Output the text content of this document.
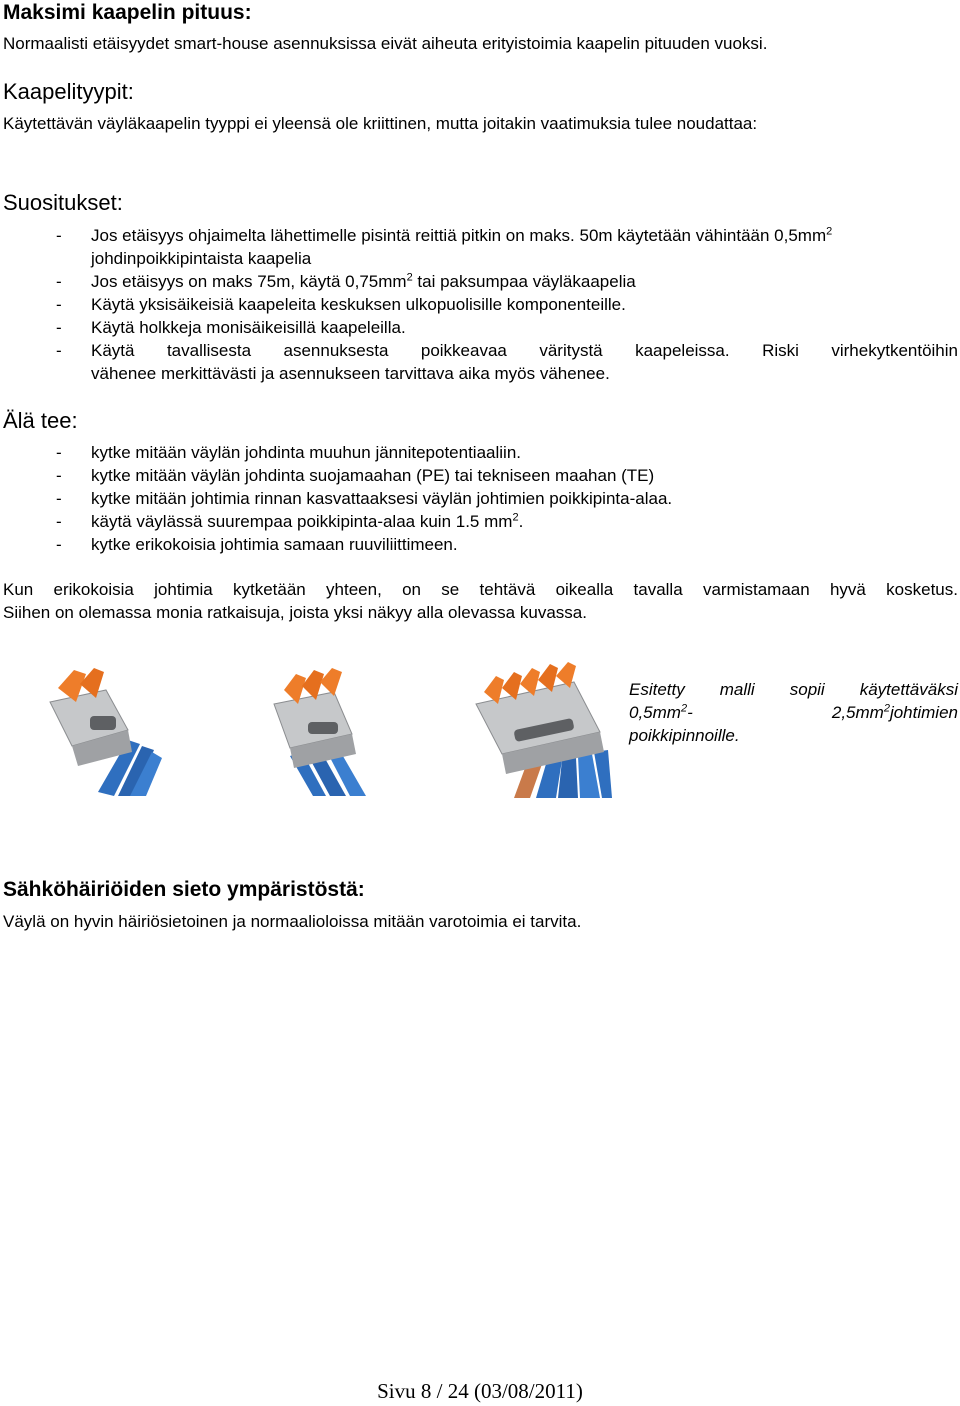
Maksimi kaapelin pituus:
Normaalisti etäisyydet smart-house asennuksissa eivät aiheuta erityistoimia kaapelin pituuden vuoksi.
Kaapelityypit:
Käytettävän väyläkaapelin tyyppi ei yleensä ole kriittinen, mutta joitakin vaatimuksia tulee noudattaa:
Suositukset:
- Jos etäisyys ohjaimelta lähettimelle pisintä reittiä pitkin on maks. 50m käytetään vähintään $0,5mm^2$
johdinpoikkipintaista kaapelia
- Jos etäisyys on maks 75m, käytä $0,75mm^2$ tai paksumpaa väyläkaapelia
- Käytä yksisäikeisiä kaapeleita keskuksen ulkopuolisille komponenteille.
- Käytä holkkeja monisäikeisillä kaapeleilla.
- Käytä tavallisesta asennuksesta poikkeavaa väritystä kaapeleissa. Riski virhekytkentöihin
vähenee merkittävästi ja asennukseen tarvittava aika myös vähenee.
Älä tee:
- kytke mitään väylän johdinta muuhun jännitepotentiaaliin.
- kytke mitään väylän johdinta suojamaahan (PE) tai tekniseen maahan (TE)
- kytke mitään johtimia rinnan kasvattaaksesi väylän johtimien poikkipinta-alaa.
- käytä väylässä suurempaa poikkipinta-alaa kuin 1.5 $mm^2$.
- kytke erikokoisia johtimia samaan ruuviliittimeen.
Kun erikokoisia johtimia kytketään yhteen, on se tehtävä oikealla tavalla varmistamaan hyvä kosketus.
Siihen on olemassa monia ratkaisuja, joista yksi näkyy alla olevassa kuvassa.
Esitetty malli sopii käytettäväksi
$0,5mm^2-$	$2,5mm^2johtimien$
poikkipinnoille.
Sähköhäiriöiden sieto ympäristöstä:
Väylä on hyvin häiriösietoinen ja normaalioloissa mitään varotoimia ei tarvita.
Sivu 8 / 24 (03/08/2011)
